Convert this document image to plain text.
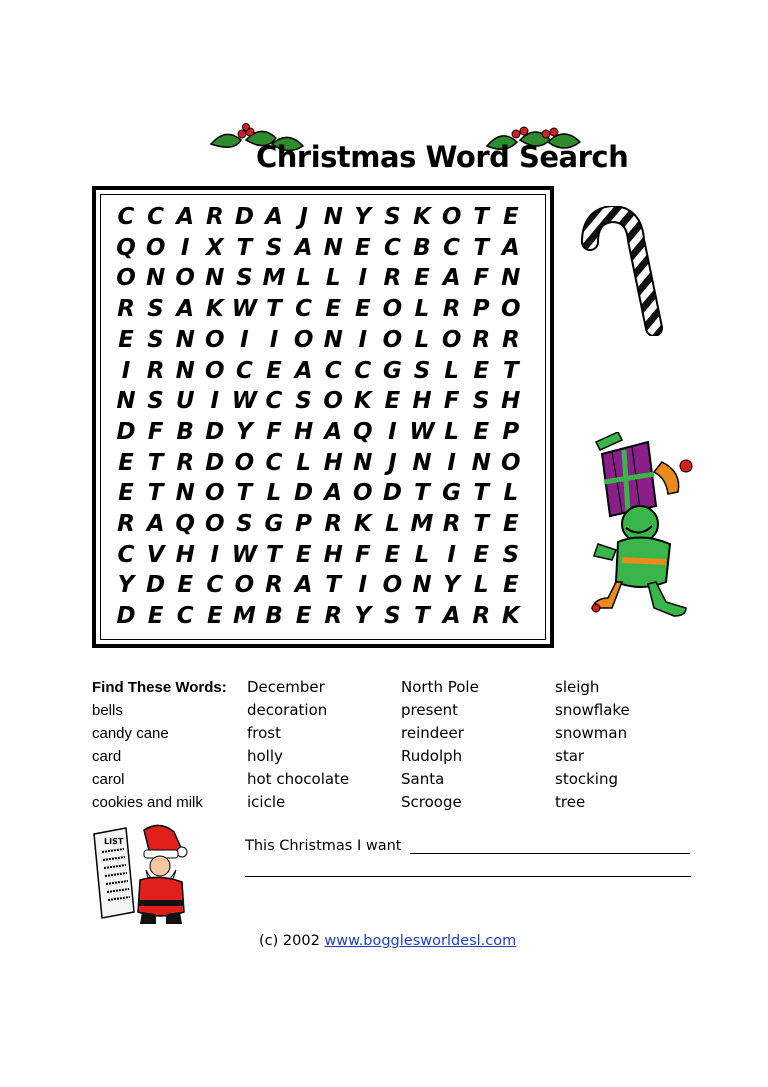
Christmas Word Search
C C A R D A J N Y S K O T E
Q O I X T S A N E C B C T A
O N O N S M L L I R E A F N
R S A K W T C E E O L R P O
E S N O I I O N I O L O R R
I R N O C E A C C G S L E T
N S U I W C S O K E H F S H
D F B D Y F H A Q I W L E P
E T R D O C L H N J N I N O
E T N O T L D A O D T G T L
R A Q O S G P R K L M R T E
C V H I W T E H F E L I E S
Y D E C O R A T I O N Y L E
D E C E M B E R Y S T A R K
Find These Words:
bells
candy cane
card
carol
cookies and milk
December
decoration
frost
holly
hot chocolate
icicle
North Pole
present
reindeer
Rudolph
Santa
Scrooge
sleigh
snowflake
snowman
star
stocking
tree
LIST	This Christmas I want
(c) 2002 www.bogglesworldesl.com
